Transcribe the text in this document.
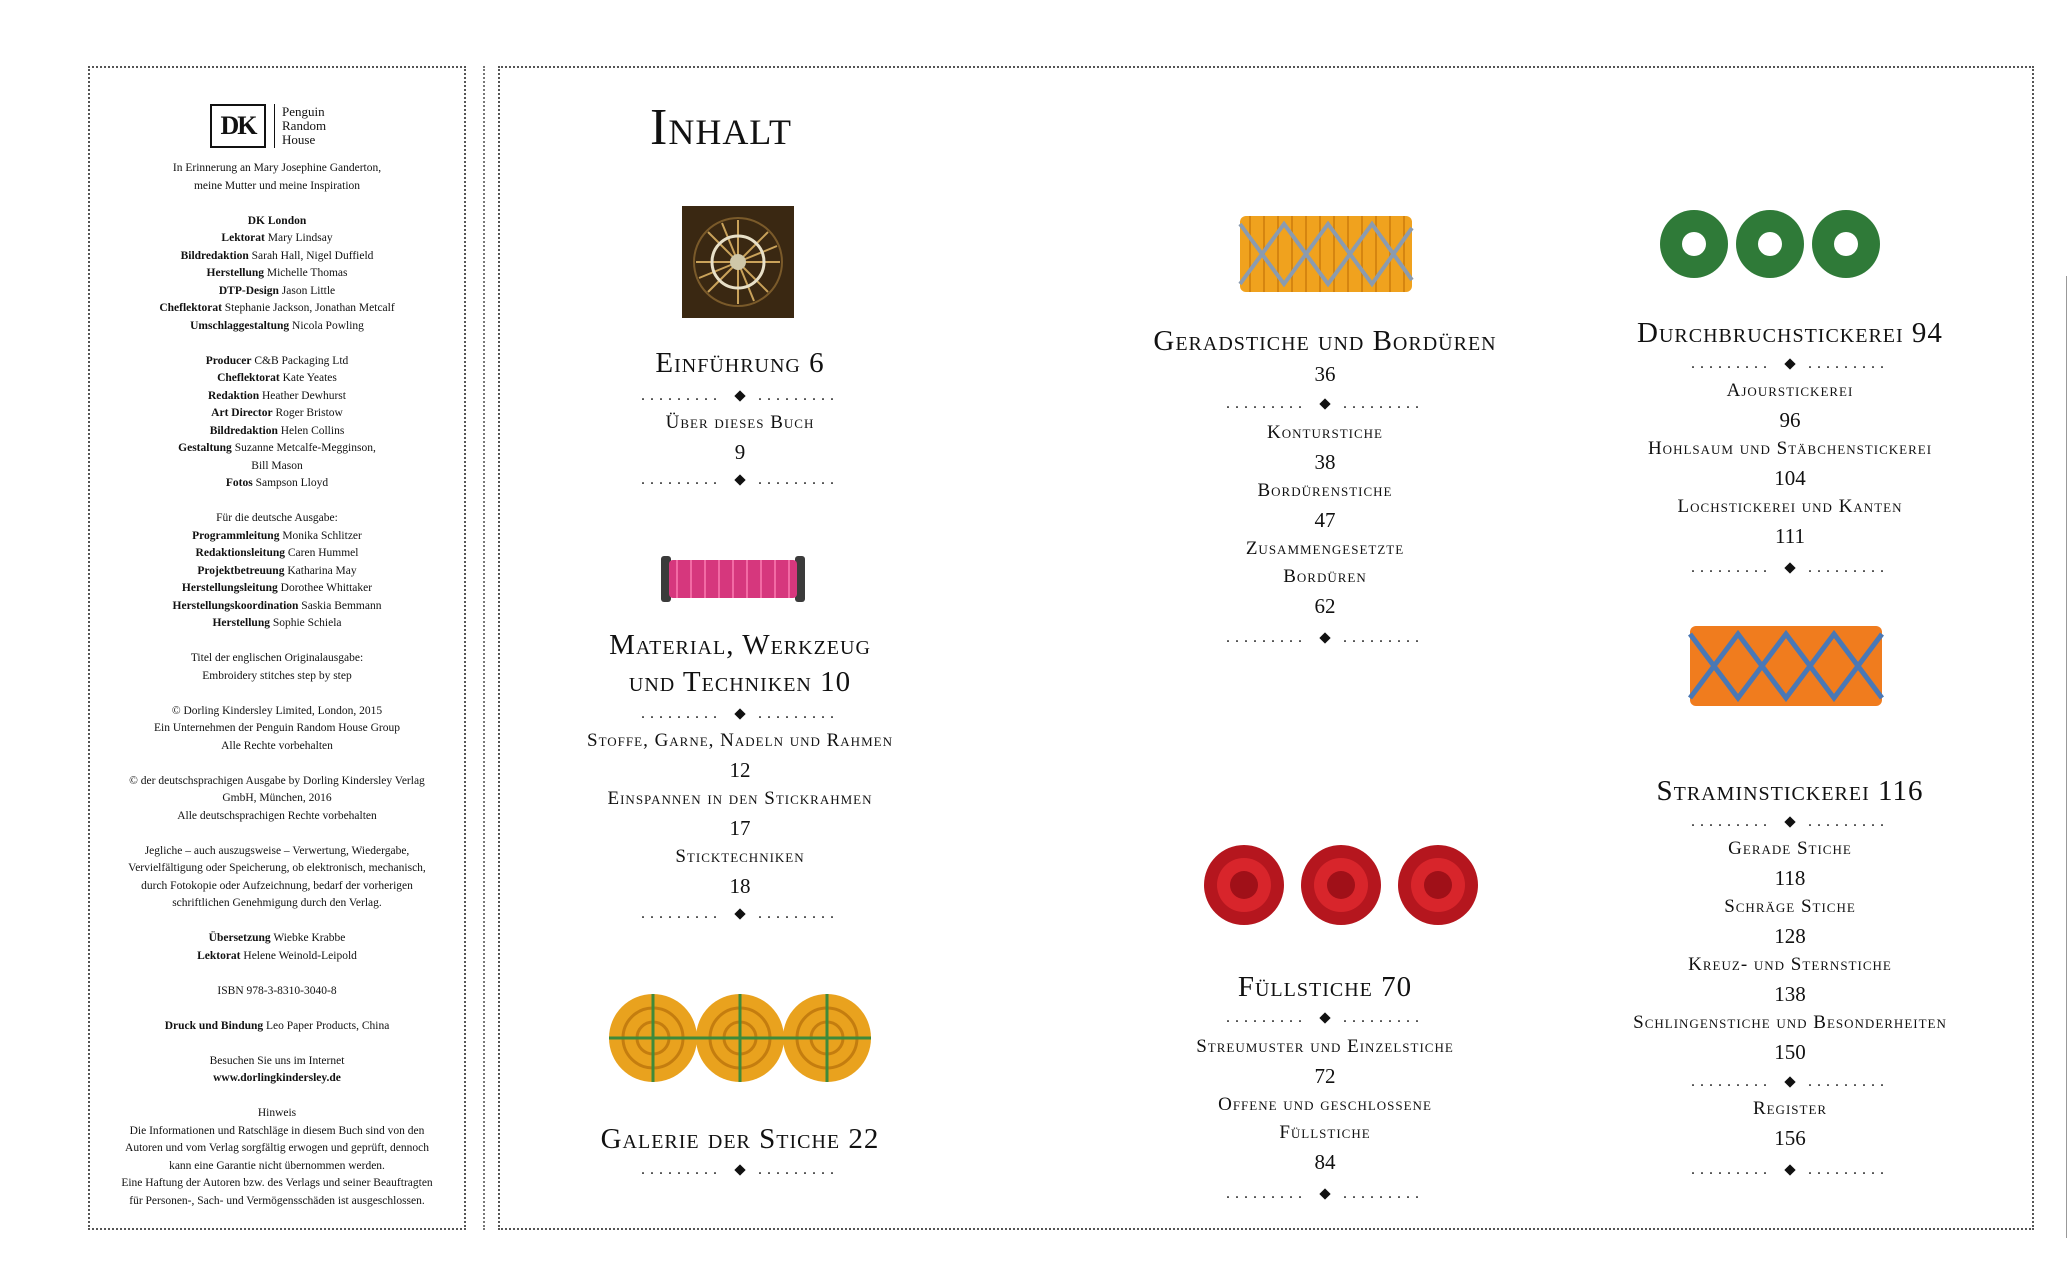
DK	Penguin
Random
House
In Erinnerung an Mary Josephine Ganderton,
meine Mutter und meine Inspiration
DK London
Lektorat Mary Lindsay
Bildredaktion Sarah Hall, Nigel Duffield
Herstellung Michelle Thomas
DTP-Design Jason Little
Cheflektorat Stephanie Jackson, Jonathan Metcalf
Umschlaggestaltung Nicola Powling
Producer C&B Packaging Ltd
Cheflektorat Kate Yeates
Redaktion Heather Dewhurst
Art Director Roger Bristow
Bildredaktion Helen Collins
Gestaltung Suzanne Metcalfe-Megginson,
Bill Mason
Fotos Sampson Lloyd
Für die deutsche Ausgabe:
Programmleitung Monika Schlitzer
Redaktionsleitung Caren Hummel
Projektbetreuung Katharina May
Herstellungsleitung Dorothee Whittaker
Herstellungskoordination Saskia Bemmann
Herstellung Sophie Schiela
Titel der englischen Originalausgabe:
Embroidery stitches step by step
© Dorling Kindersley Limited, London, 2015
Ein Unternehmen der Penguin Random House Group
Alle Rechte vorbehalten
© der deutschsprachigen Ausgabe by Dorling Kindersley Verlag
GmbH, München, 2016
Alle deutschsprachigen Rechte vorbehalten
Jegliche – auch auszugsweise – Verwertung, Wiedergabe,
Vervielfältigung oder Speicherung, ob elektronisch, mechanisch,
durch Fotokopie oder Aufzeichnung, bedarf der vorherigen
schriftlichen Genehmigung durch den Verlag.
Übersetzung Wiebke Krabbe
Lektorat Helene Weinold-Leipold
ISBN 978-3-8310-3040-8
Druck und Bindung Leo Paper Products, China
Besuchen Sie uns im Internet
www.dorlingkindersley.de
Hinweis
Die Informationen und Ratschläge in diesem Buch sind von den
Autoren und vom Verlag sorgfältig erwogen und geprüft, dennoch
kann eine Garantie nicht übernommen werden.
Eine Haftung der Autoren bzw. des Verlags und seiner Beauftragten
für Personen-, Sach- und Vermögensschäden ist ausgeschlossen.
Inhalt
Einführung 6
......... .........
Über dieses Buch
9
......... .........
Material, Werkzeug
und Techniken 10
......... .........
Stoffe, Garne, Nadeln und Rahmen
12
Einspannen in den Stickrahmen
17
Sticktechniken
18
......... .........
Galerie der Stiche 22
......... .........
Geradstiche und Bordüren
36
......... .........
Konturstiche
38
Bordürenstiche
47
Zusammengesetzte
Bordüren
62
......... .........
Füllstiche 70
......... .........
Streumuster und Einzelstiche
72
Offene und geschlossene
Füllstiche
84
......... .........
Durchbruchstickerei 94
......... .........
Ajourstickerei
96
Hohlsaum und Stäbchenstickerei
104
Lochstickerei und Kanten
111
......... .........
Straminstickerei 116
......... .........
Gerade Stiche
118
Schräge Stiche
128
Kreuz- und Sternstiche
138
Schlingenstiche und Besonderheiten
150
......... .........
Register
156
......... .........
